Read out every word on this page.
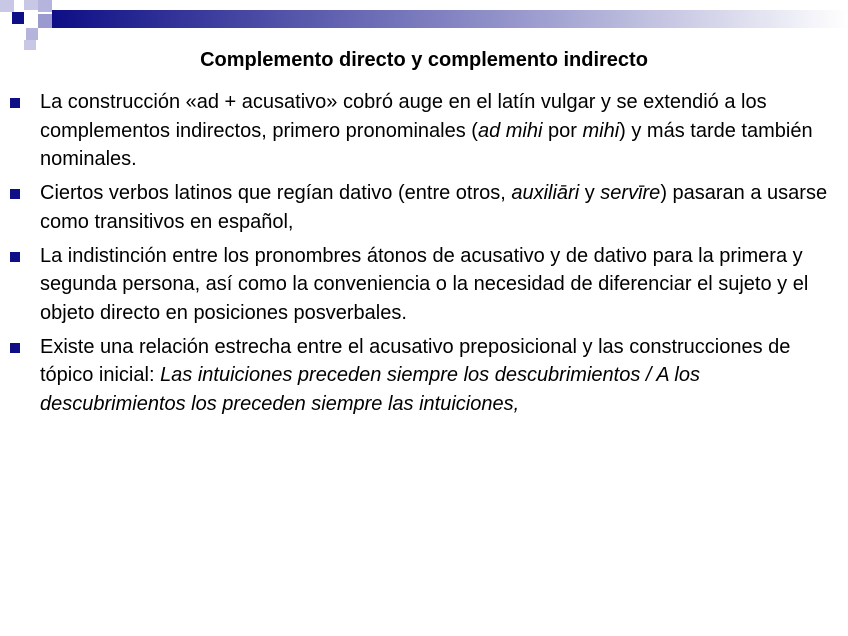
Complemento directo y complemento indirecto
La construcción «ad + acusativo» cobró auge en el latín vulgar y se extendió a los complementos indirectos, primero pronominales (ad mihi por mihi) y más tarde también nominales.
Ciertos verbos latinos que regían dativo (entre otros, auxiliāri y servīre) pasaran a usarse como transitivos en español,
La indistinción entre los pronombres átonos de acusativo y de dativo para la primera y segunda persona, así como la conveniencia o la necesidad de diferenciar el sujeto y el objeto directo en posiciones posverbales.
Existe una relación estrecha entre el acusativo preposicional y las construcciones de tópico inicial: Las intuiciones preceden siempre los descubrimientos / A los descubrimientos los preceden siempre las intuiciones,
